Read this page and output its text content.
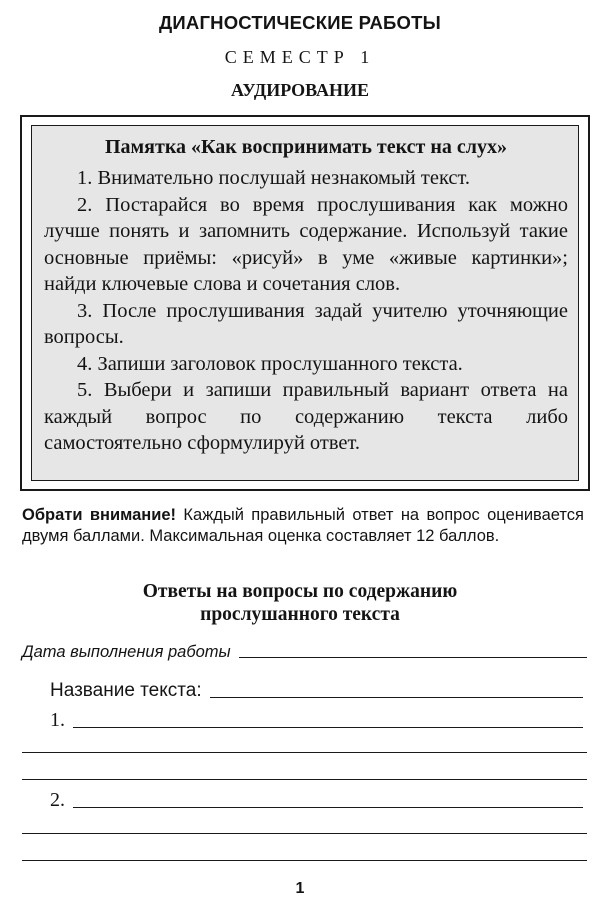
ДИАГНОСТИЧЕСКИЕ РАБОТЫ
СЕМЕСТР 1
АУДИРОВАНИЕ
Памятка «Как воспринимать текст на слух»
1. Внимательно послушай незнакомый текст.
2. Постарайся во время прослушивания как можно лучше понять и запомнить содержание. Используй такие основные приёмы: «рисуй» в уме «живые картинки»; найди ключевые слова и сочетания слов.
3. После прослушивания задай учителю уточняющие вопросы.
4. Запиши заголовок прослушанного текста.
5. Выбери и запиши правильный вариант ответа на каждый вопрос по содержанию текста либо самостоятельно сформулируй ответ.
Обрати внимание! Каждый правильный ответ на вопрос оценивается двумя баллами. Максимальная оценка составляет 12 баллов.
Ответы на вопросы по содержанию
прослушанного текста
Дата выполнения работы
Название текста:
1.
2.
1
